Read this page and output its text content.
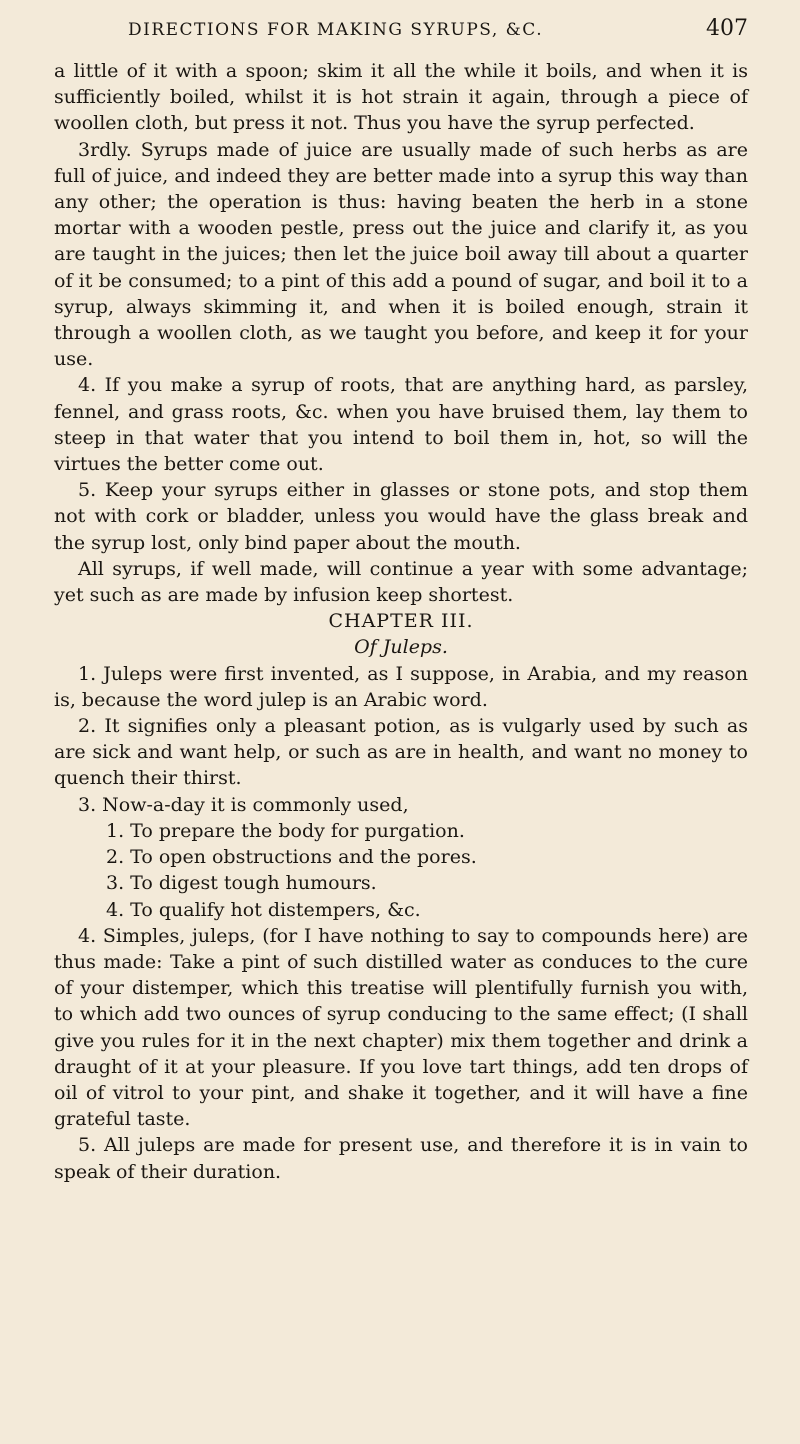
DIRECTIONS FOR MAKING SYRUPS, &C.	407

a little of it with a spoon; skim it all the while it boils, and when it is sufficiently boiled, whilst it is hot strain it again, through a piece of woollen cloth, but press it not. Thus you have the syrup perfected.

3rdly. Syrups made of juice are usually made of such herbs as are full of juice, and indeed they are better made into a syrup this way than any other; the operation is thus: having beaten the herb in a stone mortar with a wooden pestle, press out the juice and clarify it, as you are taught in the juices; then let the juice boil away till about a quarter of it be consumed; to a pint of this add a pound of sugar, and boil it to a syrup, always skimming it, and when it is boiled enough, strain it through a woollen cloth, as we taught you before, and keep it for your use.

4. If you make a syrup of roots, that are anything hard, as parsley, fennel, and grass roots, &c. when you have bruised them, lay them to steep in that water that you intend to boil them in, hot, so will the virtues the better come out.

5. Keep your syrups either in glasses or stone pots, and stop them not with cork or bladder, unless you would have the glass break and the syrup lost, only bind paper about the mouth.

All syrups, if well made, will continue a year with some advantage; yet such as are made by infusion keep shortest.

CHAPTER III.

Of Juleps.

1. Juleps were first invented, as I suppose, in Arabia, and my reason is, because the word julep is an Arabic word.

2. It signifies only a pleasant potion, as is vulgarly used by such as are sick and want help, or such as are in health, and want no money to quench their thirst.

3. Now-a-day it is commonly used,

1. To prepare the body for purgation.

2. To open obstructions and the pores.

3. To digest tough humours.

4. To qualify hot distempers, &c.

4. Simples, juleps, (for I have nothing to say to compounds here) are thus made: Take a pint of such distilled water as conduces to the cure of your distemper, which this treatise will plentifully furnish you with, to which add two ounces of syrup conducing to the same effect; (I shall give you rules for it in the next chapter) mix them together and drink a draught of it at your pleasure. If you love tart things, add ten drops of oil of vitrol to your pint, and shake it together, and it will have a fine grateful taste.

5. All juleps are made for present use, and therefore it is in vain to speak of their duration.
